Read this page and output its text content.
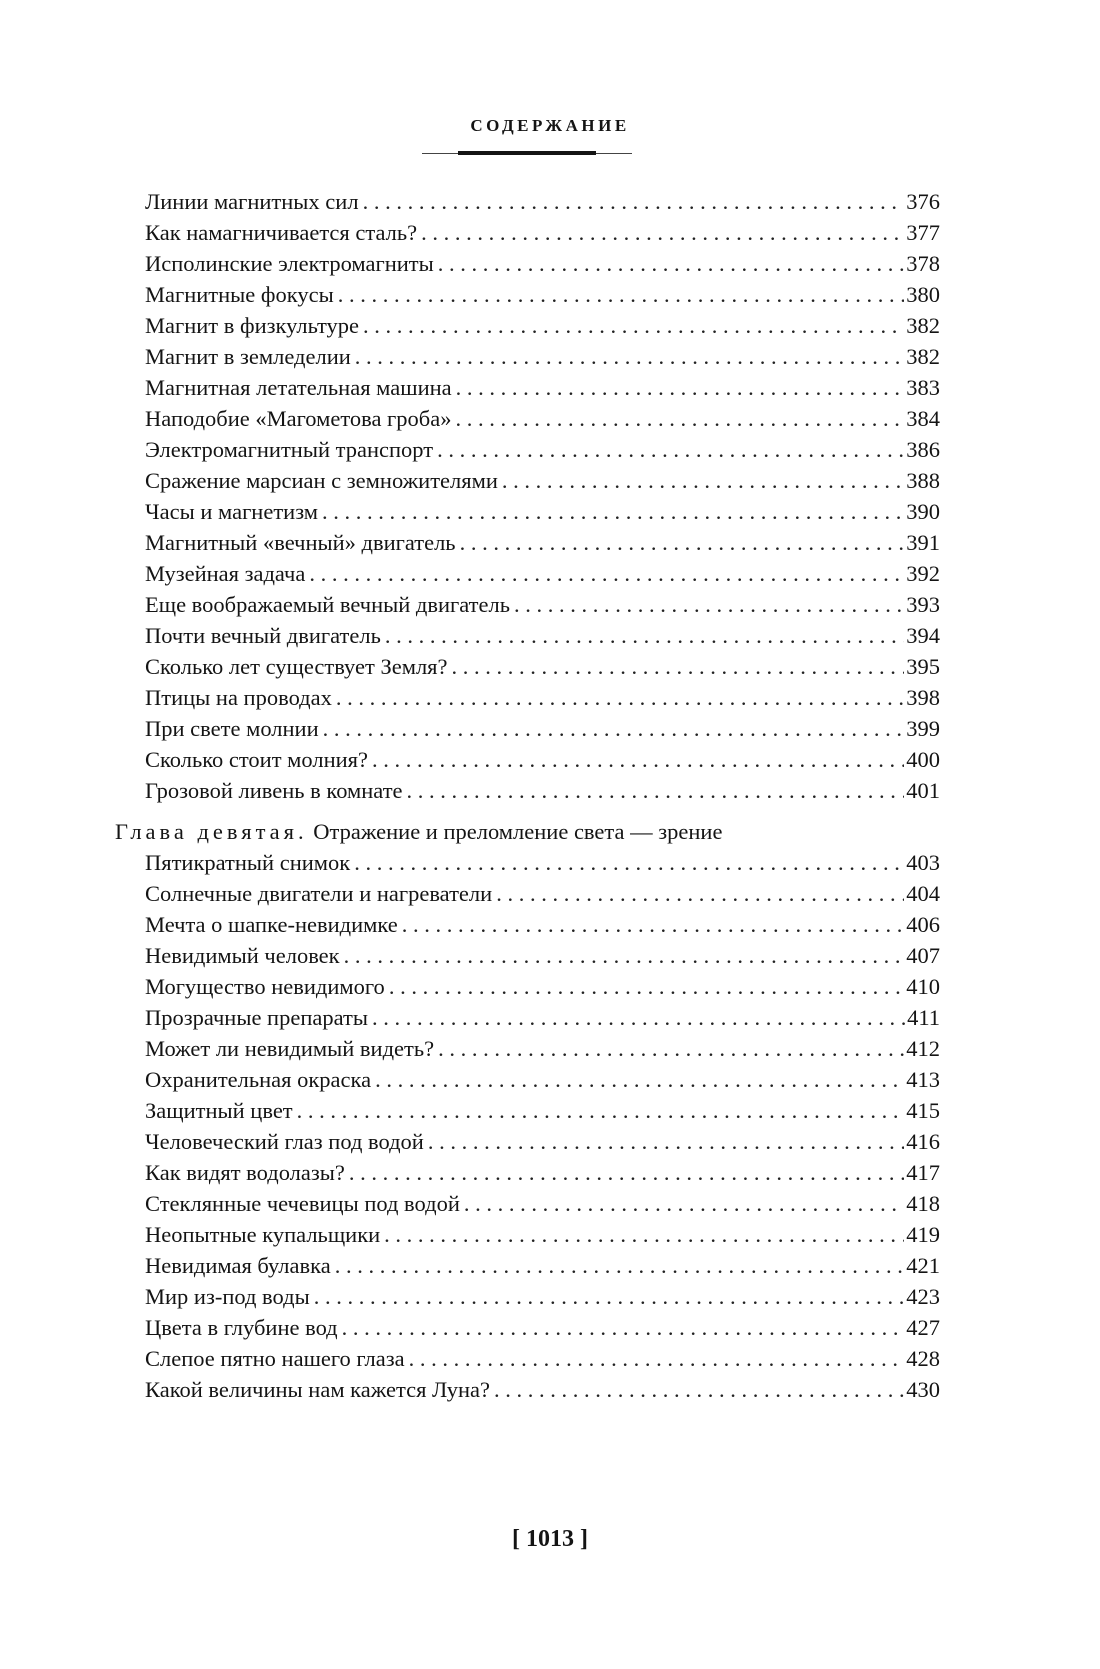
СОДЕРЖАНИЕ
[ 1013 ]
Линии магнитных сил . . .	376
Как намагничивается сталь? . . .	377
Исполинские электромагниты . . .	378
Магнитные фокусы . . .	380
Магнит в физкультуре . . .	382
Магнит в земледелии . . .	382
Магнитная летательная машина . . .	383
Наподобие «Магометова гроба» . . .	384
Электромагнитный транспорт . . .	386
Сражение марсиан с земножителями . . .	388
Часы и магнетизм . . .	390
Магнитный «вечный» двигатель . . .	391
Музейная задача . . .	392
Еще воображаемый вечный двигатель . . .	393
Почти вечный двигатель . . .	394
Сколько лет существует Земля? . . .	395
Птицы на проводах . . .	398
При свете молнии . . .	399
Сколько стоит молния? . . .	400
Грозовой ливень в комнате . . .	401
Глава девятая. Отражение и преломление света — зрение
Пятикратный снимок . . .	403
Солнечные двигатели и нагреватели . . .	404
Мечта о шапке-невидимке . . .	406
Невидимый человек . . .	407
Могущество невидимого . . .	410
Прозрачные препараты . . .	411
Может ли невидимый видеть? . . .	412
Охранительная окраска . . .	413
Защитный цвет . . .	415
Человеческий глаз под водой . . .	416
Как видят водолазы? . . .	417
Стеклянные чечевицы под водой . . .	418
Неопытные купальщики . . .	419
Невидимая булавка . . .	421
Мир из-под воды . . .	423
Цвета в глубине вод . . .	427
Слепое пятно нашего глаза . . .	428
Какой величины нам кажется Луна? . . .	430
